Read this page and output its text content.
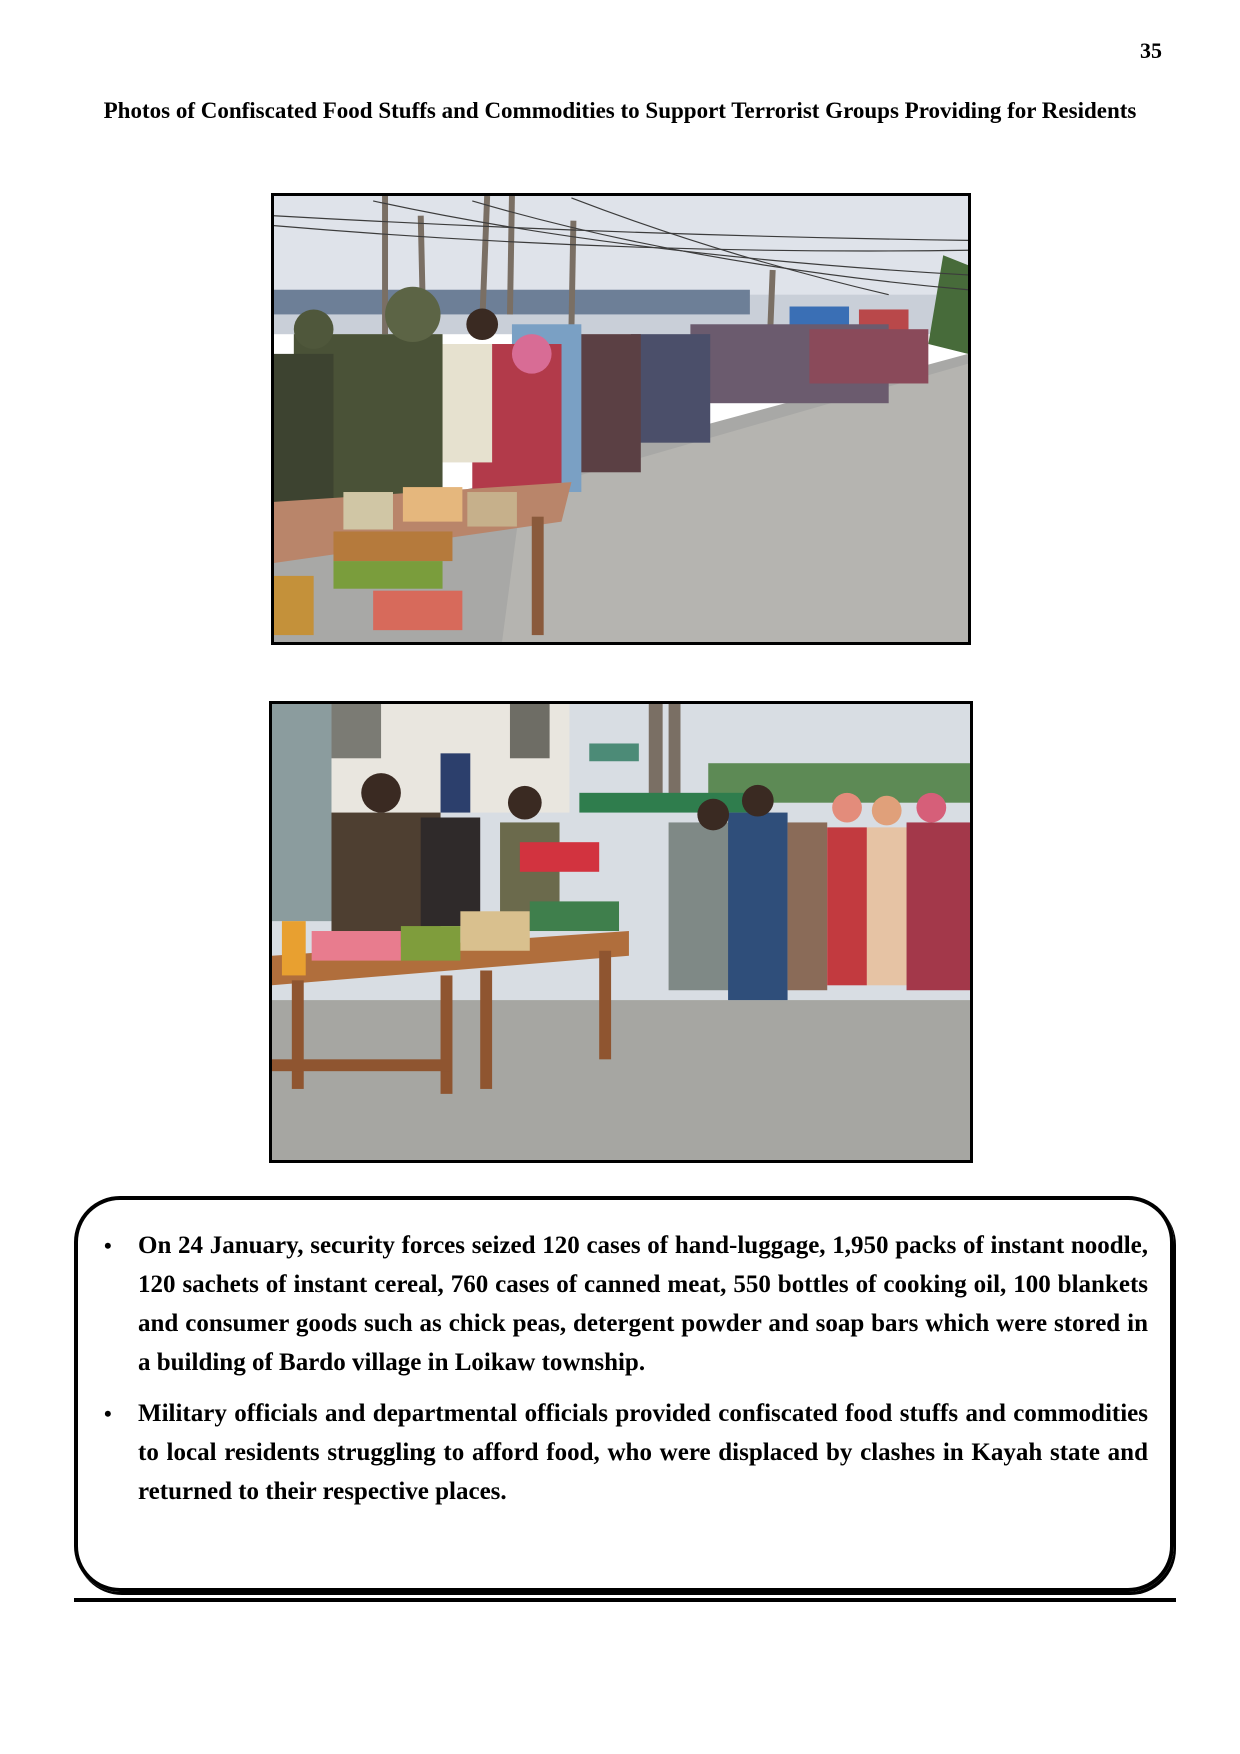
35
Photos of Confiscated Food Stuffs and Commodities to Support Terrorist Groups Providing for Residents
• On 24 January, security forces seized 120 cases of hand-luggage, 1,950 packs of instant noodle, 120 sachets of instant cereal, 760 cases of canned meat, 550 bottles of cooking oil, 100 blankets and consumer goods such as chick peas, detergent powder and soap bars which were stored in a building of Bardo village in Loikaw township.
• Military officials and departmental officials provided confiscated food stuffs and commodities to local residents struggling to afford food, who were displaced by clashes in Kayah state and returned to their respective places.
